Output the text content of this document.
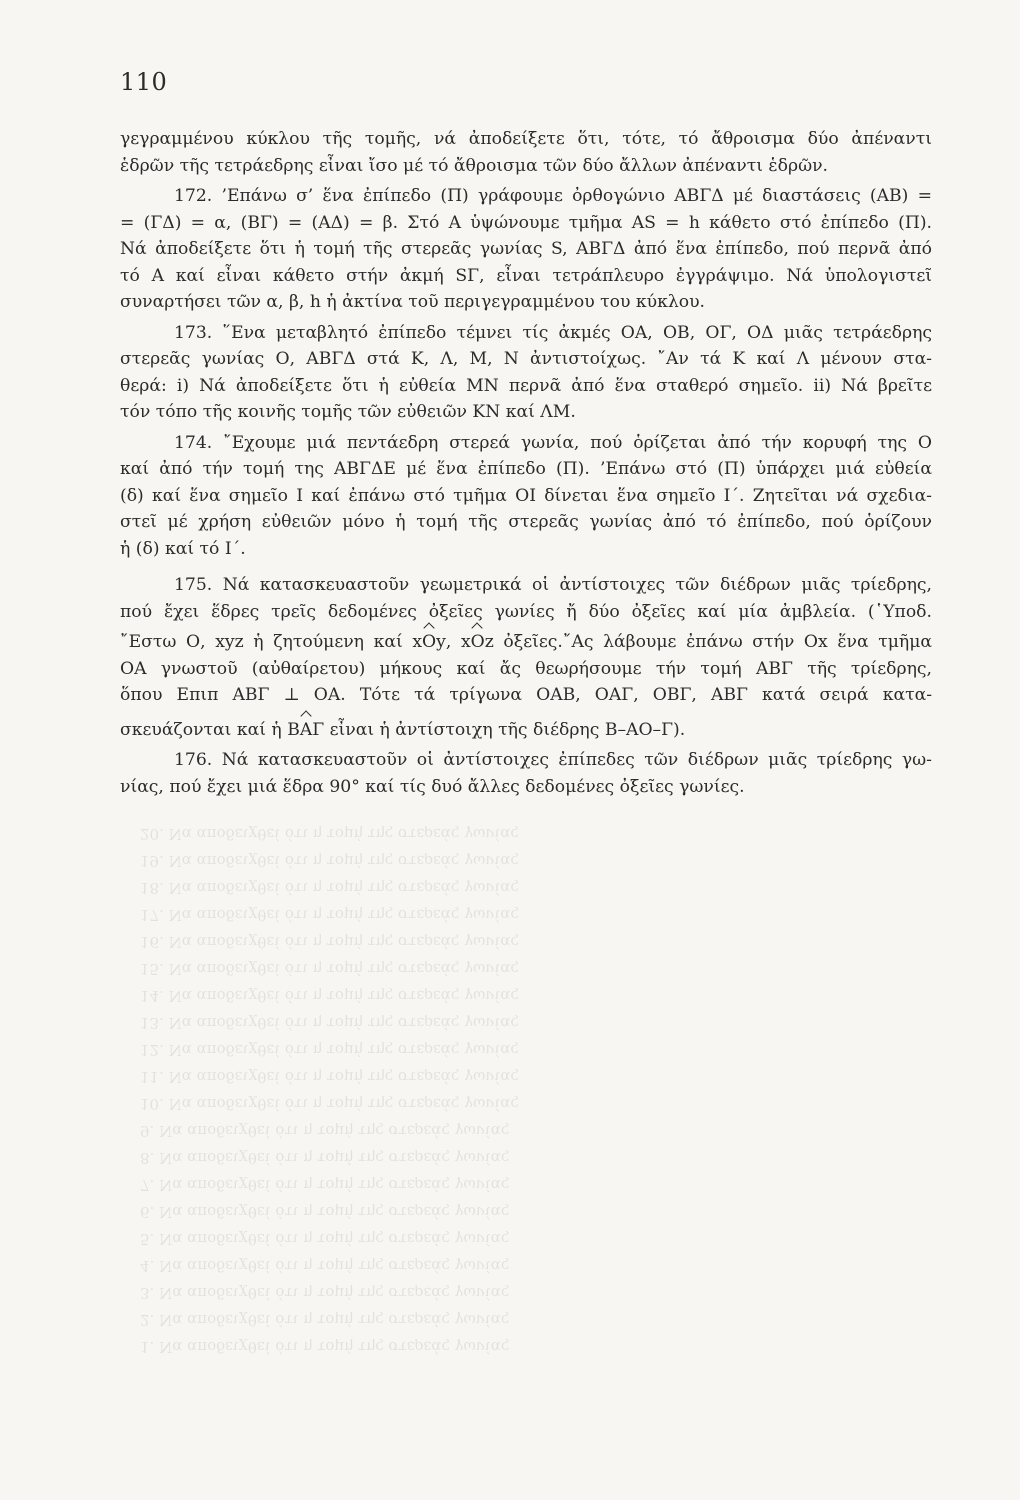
110
γεγραμμένου κύκλου τῆς τομῆς, νά ἀποδείξετε ὅτι, τότε, τό ἄθροισμα δύο ἀπέναντι
ἑδρῶν τῆς τετράεδρης εἶναι ἴσο μέ τό ἄθροισμα τῶν δύο ἄλλων ἀπέναντι ἑδρῶν.
172. ’Επάνω σ’ ἕνα ἐπίπεδο (Π) γράφουμε ὀρθογώνιο ΑΒΓΔ μέ διαστάσεις (ΑΒ) =
= (ΓΔ) = α, (ΒΓ) = (ΑΔ) = β. Στό Α ὑψώνουμε τμῆμα AS = h κάθετο στό ἐπίπεδο (Π).
Νά ἀποδείξετε ὅτι ἡ τομή τῆς στερεᾶς γωνίας S, ΑΒΓΔ ἀπό ἕνα ἐπίπεδο, πού περνᾶ ἀπό
τό Α καί εἶναι κάθετο στήν ἀκμή SΓ, εἶναι τετράπλευρο ἐγγράψιμο. Νά ὑπολογιστεῖ
συναρτήσει τῶν α, β, h ἡ ἀκτίνα τοῦ περιγεγραμμένου του κύκλου.
173. ῞Ενα μεταβλητό ἐπίπεδο τέμνει τίς ἀκμές ΟΑ, ΟΒ, ΟΓ, ΟΔ μιᾶς τετράεδρης
στερεᾶς γωνίας Ο, ΑΒΓΔ στά Κ, Λ, Μ, Ν ἀντιστοίχως. ῎Αν τά Κ καί Λ μένουν στα-
θερά: i) Νά ἀποδείξετε ὅτι ἡ εὐθεία ΜΝ περνᾶ ἀπό ἕνα σταθερό σημεῖο. ii) Νά βρεῖτε
τόν τόπο τῆς κοινῆς τομῆς τῶν εὐθειῶν ΚΝ καί ΛΜ.
174. ῎Εχουμε μιά πεντάεδρη στερεά γωνία, πού ὁρίζεται ἀπό τήν κορυφή της Ο
καί ἀπό τήν τομή της ΑΒΓΔΕ μέ ἕνα ἐπίπεδο (Π). ’Επάνω στό (Π) ὑπάρχει μιά εὐθεία
(δ) καί ἕνα σημεῖο Ι καί ἐπάνω στό τμῆμα ΟΙ δίνεται ἕνα σημεῖο Ι΄. Ζητεῖται νά σχεδια-
στεῖ μέ χρήση εὐθειῶν μόνο ἡ τομή τῆς στερεᾶς γωνίας ἀπό τό ἐπίπεδο, πού ὁρίζουν
ἡ (δ) καί τό Ι΄.
175. Νά κατασκευαστοῦν γεωμετρικά οἱ ἀντίστοιχες τῶν διέδρων μιᾶς τρίεδρης,
πού ἔχει ἕδρες τρεῖς δεδομένες ὀξεῖες γωνίες ἤ δύο ὀξεῖες καί μία ἀμβλεία. (῾Υποδ.
῎Εστω Ο, xyz ἡ ζητούμενη καί xOy, xOz ὀξεῖες.῎Ας λάβουμε ἐπάνω στήν Οx ἕνα τμῆμα
ΟΑ γνωστοῦ (αὐθαίρετου) μήκους καί ἄς θεωρήσουμε τήν τομή ΑΒΓ τῆς τρίεδρης,
ὅπου Επιπ ΑΒΓ ⊥ ΟΑ. Τότε τά τρίγωνα ΟΑΒ, ΟΑΓ, ΟΒΓ, ΑΒΓ κατά σειρά κατα-
σκευάζονται καί ἡ ΒΑΓ εἶναι ἡ ἀντίστοιχη τῆς διέδρης Β–ΑΟ–Γ).
176. Νά κατασκευαστοῦν οἱ ἀντίστοιχες ἐπίπεδες τῶν διέδρων μιᾶς τρίεδρης γω-
νίας, πού ἔχει μιά ἕδρα 90° καί τίς δυό ἄλλες δεδομένες ὀξεῖες γωνίες.
1. Να αποδειχθεί ότι η τομή της στερεάς γωνίας
2. Να αποδειχθεί ότι η τομή της στερεάς γωνίας
3. Να αποδειχθεί ότι η τομή της στερεάς γωνίας
4. Να αποδειχθεί ότι η τομή της στερεάς γωνίας
5. Να αποδειχθεί ότι η τομή της στερεάς γωνίας
6. Να αποδειχθεί ότι η τομή της στερεάς γωνίας
7. Να αποδειχθεί ότι η τομή της στερεάς γωνίας
8. Να αποδειχθεί ότι η τομή της στερεάς γωνίας
9. Να αποδειχθεί ότι η τομή της στερεάς γωνίας
10. Να αποδειχθεί ότι η τομή της στερεάς γωνίας
11. Να αποδειχθεί ότι η τομή της στερεάς γωνίας
12. Να αποδειχθεί ότι η τομή της στερεάς γωνίας
13. Να αποδειχθεί ότι η τομή της στερεάς γωνίας
14. Να αποδειχθεί ότι η τομή της στερεάς γωνίας
15. Να αποδειχθεί ότι η τομή της στερεάς γωνίας
16. Να αποδειχθεί ότι η τομή της στερεάς γωνίας
17. Να αποδειχθεί ότι η τομή της στερεάς γωνίας
18. Να αποδειχθεί ότι η τομή της στερεάς γωνίας
19. Να αποδειχθεί ότι η τομή της στερεάς γωνίας
20. Να αποδειχθεί ότι η τομή της στερεάς γωνίας
